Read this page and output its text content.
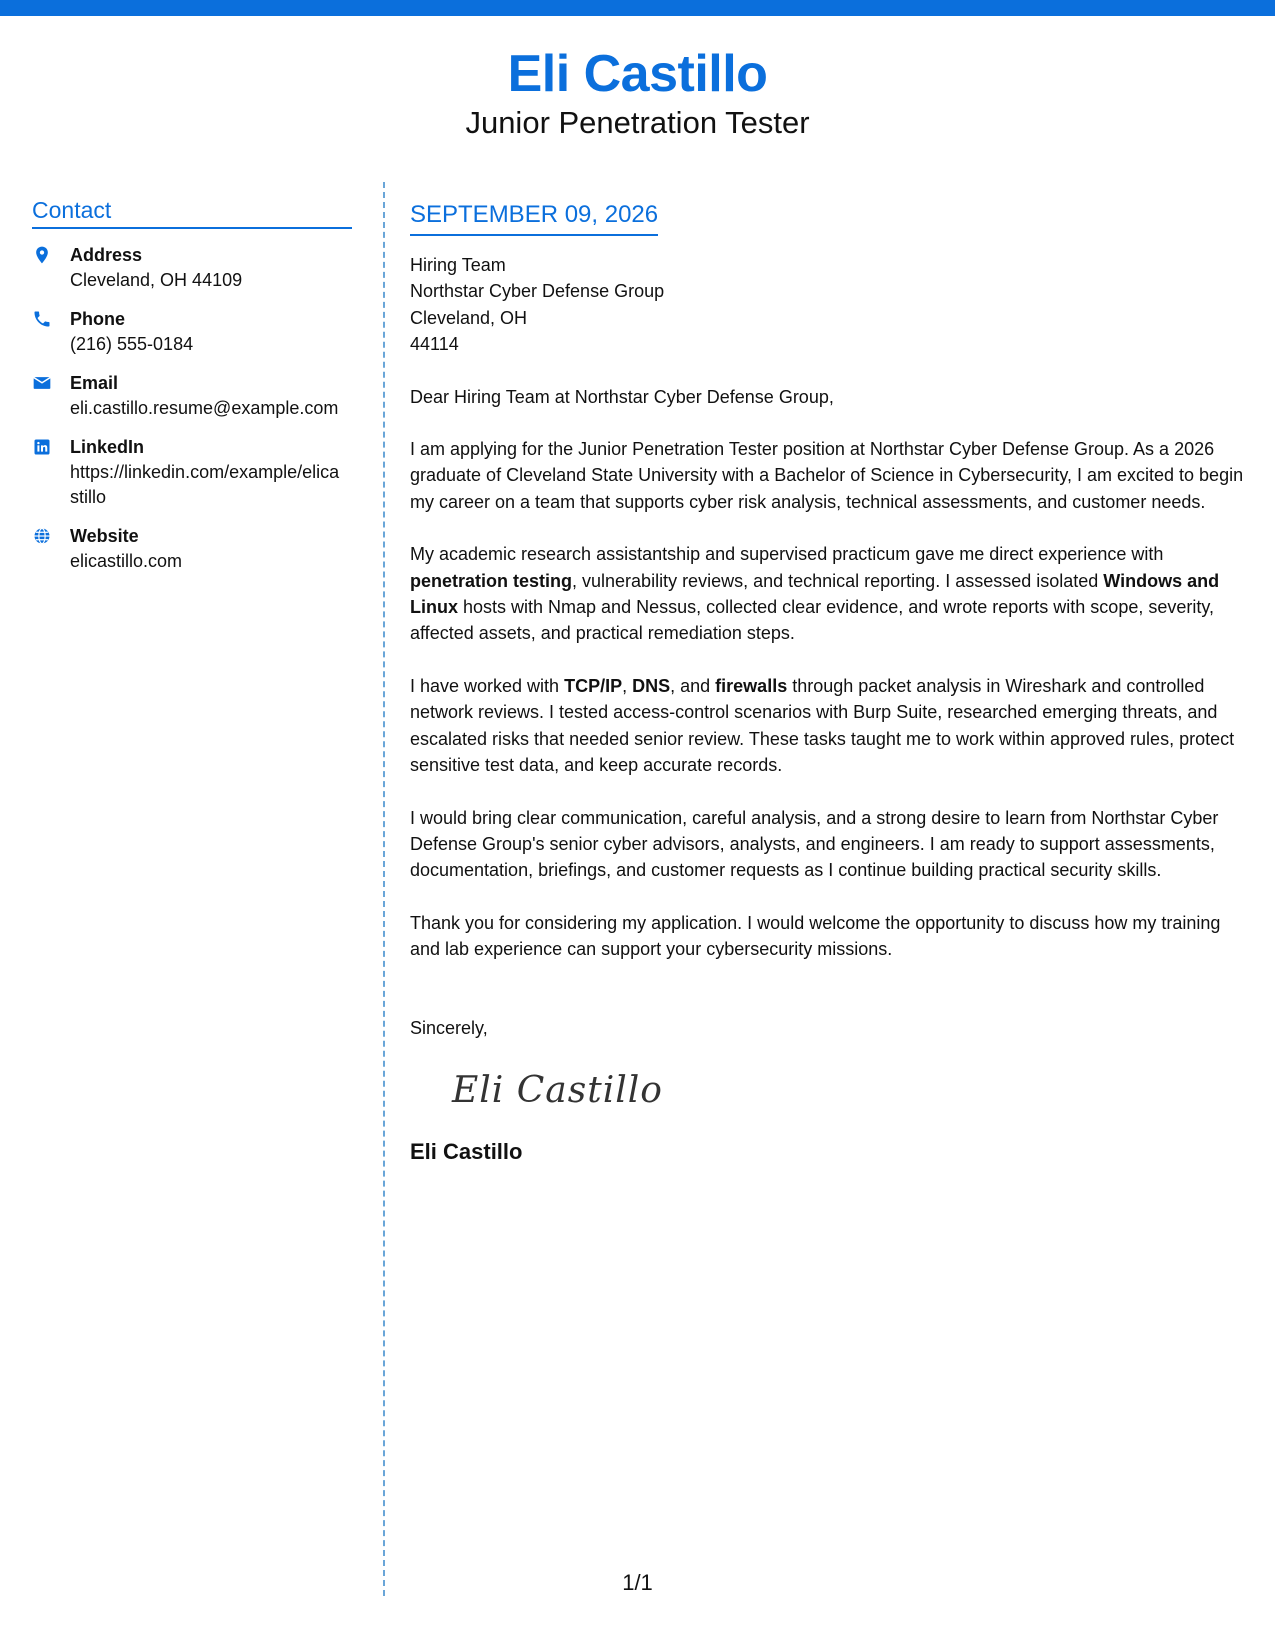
Eli Castillo
Junior Penetration Tester
Contact
Address
Cleveland, OH 44109
Phone
(216) 555-0184
Email
eli.castillo.resume@example.com
LinkedIn
https://linkedin.com/example/elicastillo
Website
elicastillo.com
SEPTEMBER 09, 2026
Hiring Team
Northstar Cyber Defense Group
Cleveland, OH
44114
Dear Hiring Team at Northstar Cyber Defense Group,
I am applying for the Junior Penetration Tester position at Northstar Cyber Defense Group. As a 2026 graduate of Cleveland State University with a Bachelor of Science in Cybersecurity, I am excited to begin my career on a team that supports cyber risk analysis, technical assessments, and customer needs.
My academic research assistantship and supervised practicum gave me direct experience with penetration testing, vulnerability reviews, and technical reporting. I assessed isolated Windows and Linux hosts with Nmap and Nessus, collected clear evidence, and wrote reports with scope, severity, affected assets, and practical remediation steps.
I have worked with TCP/IP, DNS, and firewalls through packet analysis in Wireshark and controlled network reviews. I tested access-control scenarios with Burp Suite, researched emerging threats, and escalated risks that needed senior review. These tasks taught me to work within approved rules, protect sensitive test data, and keep accurate records.
I would bring clear communication, careful analysis, and a strong desire to learn from Northstar Cyber Defense Group's senior cyber advisors, analysts, and engineers. I am ready to support assessments, documentation, briefings, and customer requests as I continue building practical security skills.
Thank you for considering my application. I would welcome the opportunity to discuss how my training and lab experience can support your cybersecurity missions.
Sincerely,
Eli Castillo
Eli Castillo
1/1
